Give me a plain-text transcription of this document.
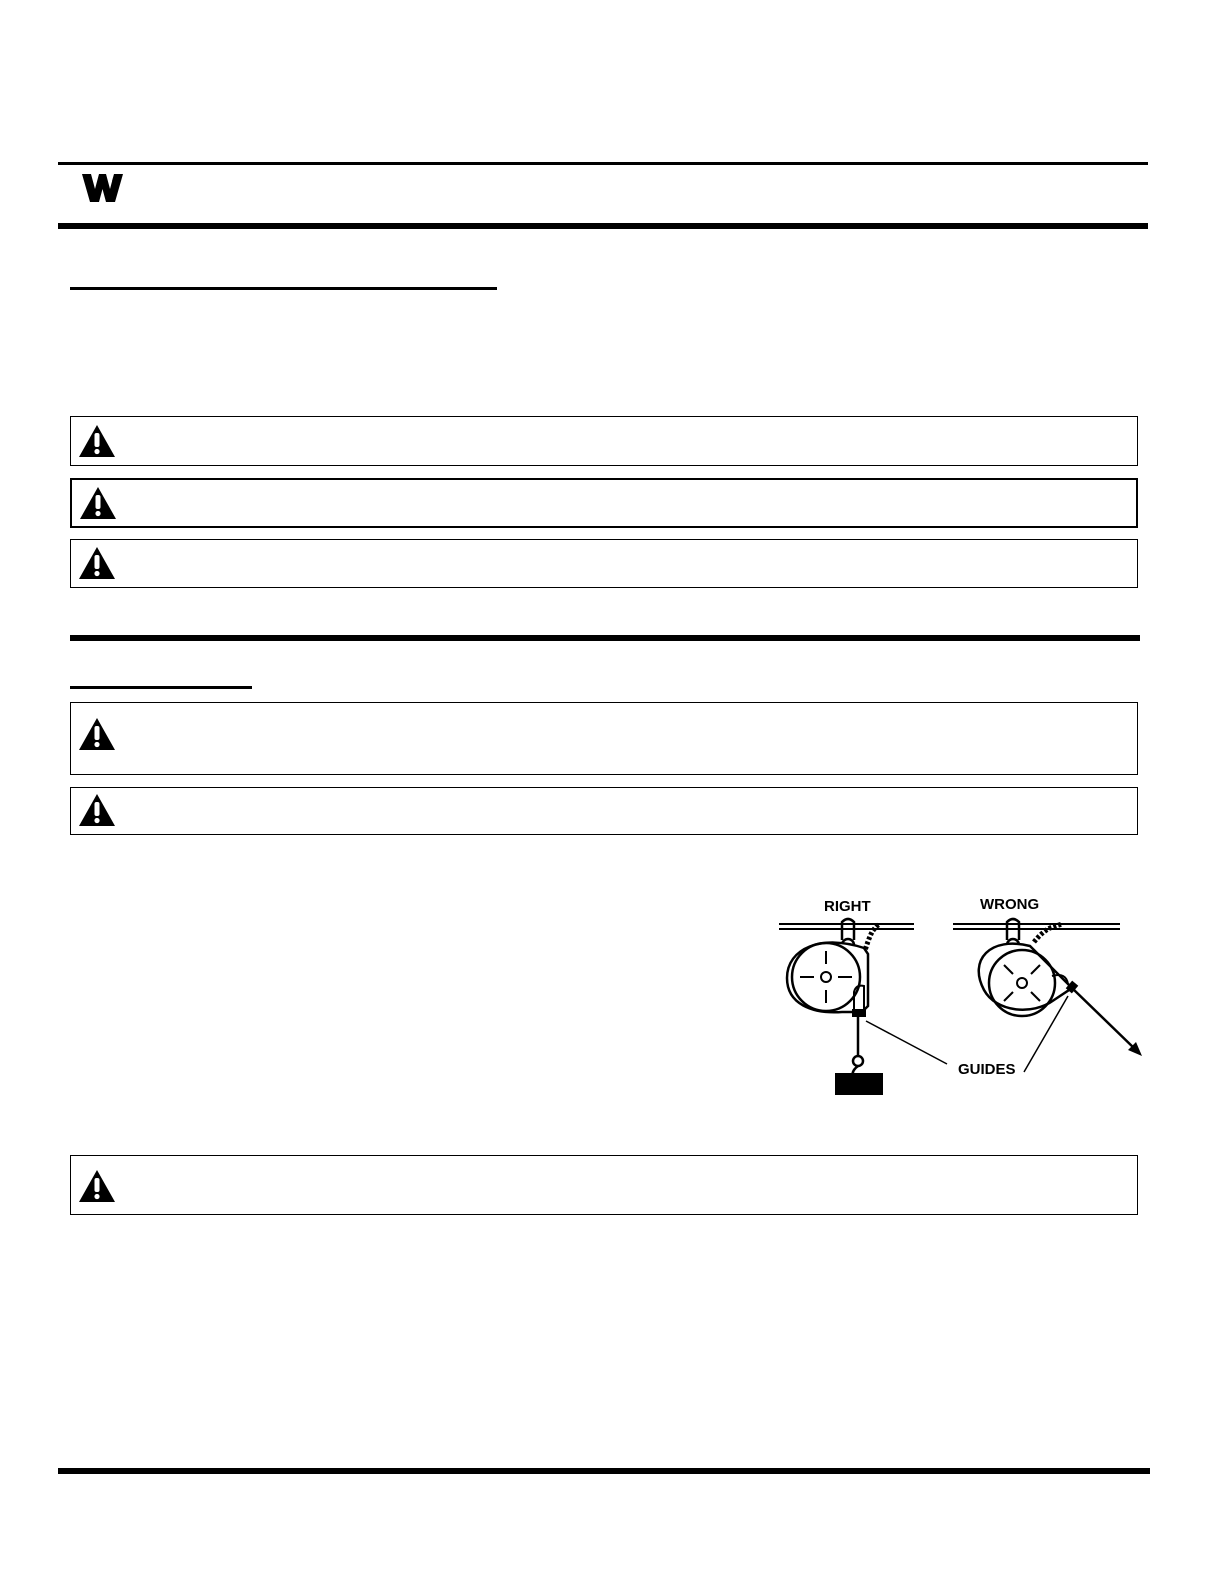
RIGHT	WRONG
GUIDES
